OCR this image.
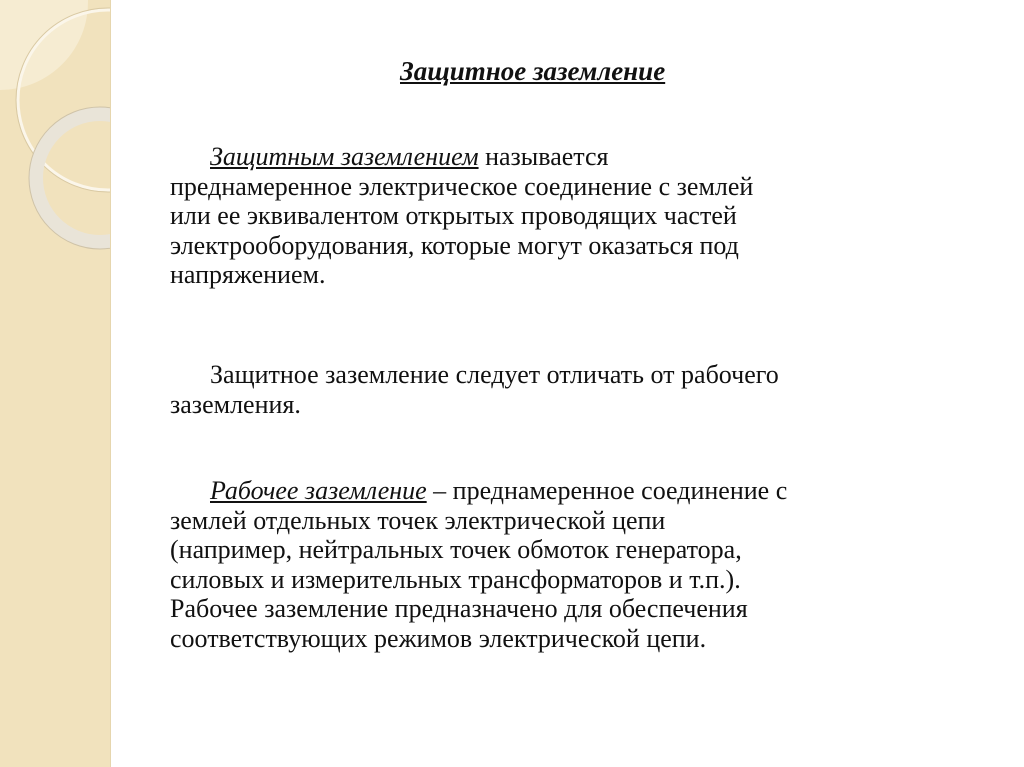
Защитное заземление
Защитным заземлением называется
преднамеренное электрическое соединение с землей
или ее эквивалентом открытых проводящих частей
электрооборудования, которые могут оказаться под
напряжением.
Защитное заземление следует отличать от рабочего
заземления.
Рабочее заземление – преднамеренное соединение с
землей отдельных точек электрической цепи
(например, нейтральных точек обмоток генератора,
силовых и измерительных трансформаторов и т.п.).
Рабочее заземление предназначено для обеспечения
соответствующих режимов электрической цепи.
